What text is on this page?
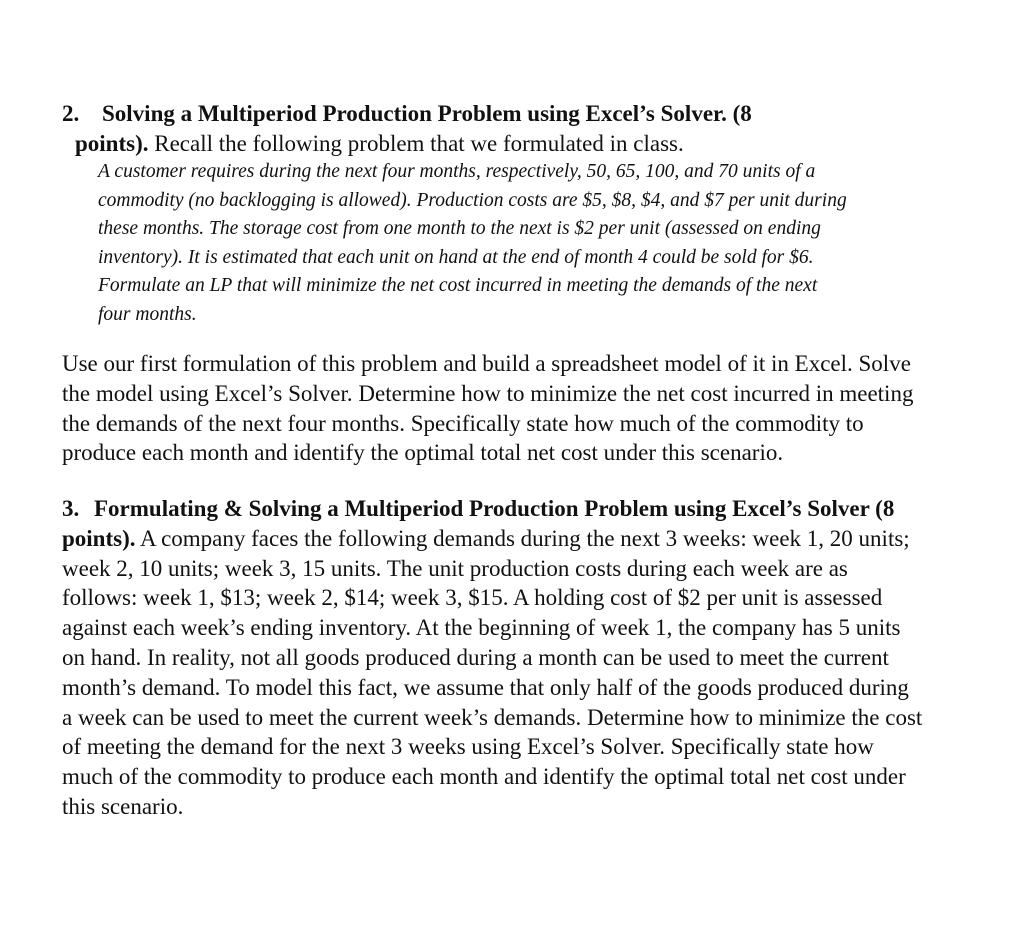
2. Solving a Multiperiod Production Problem using Excel’s Solver. (8
points). Recall the following problem that we formulated in class.
A customer requires during the next four months, respectively, 50, 65, 100, and 70 units of a
commodity (no backlogging is allowed). Production costs are $5, $8, $4, and $7 per unit during
these months. The storage cost from one month to the next is $2 per unit (assessed on ending
inventory). It is estimated that each unit on hand at the end of month 4 could be sold for $6.
Formulate an LP that will minimize the net cost incurred in meeting the demands of the next
four months.
Use our first formulation of this problem and build a spreadsheet model of it in Excel. Solve
the model using Excel’s Solver. Determine how to minimize the net cost incurred in meeting
the demands of the next four months. Specifically state how much of the commodity to
produce each month and identify the optimal total net cost under this scenario.
3. Formulating & Solving a Multiperiod Production Problem using Excel’s Solver (8
points). A company faces the following demands during the next 3 weeks: week 1, 20 units;
week 2, 10 units; week 3, 15 units. The unit production costs during each week are as
follows: week 1, $13; week 2, $14; week 3, $15. A holding cost of $2 per unit is assessed
against each week’s ending inventory. At the beginning of week 1, the company has 5 units
on hand. In reality, not all goods produced during a month can be used to meet the current
month’s demand. To model this fact, we assume that only half of the goods produced during
a week can be used to meet the current week’s demands. Determine how to minimize the cost
of meeting the demand for the next 3 weeks using Excel’s Solver. Specifically state how
much of the commodity to produce each month and identify the optimal total net cost under
this scenario.
